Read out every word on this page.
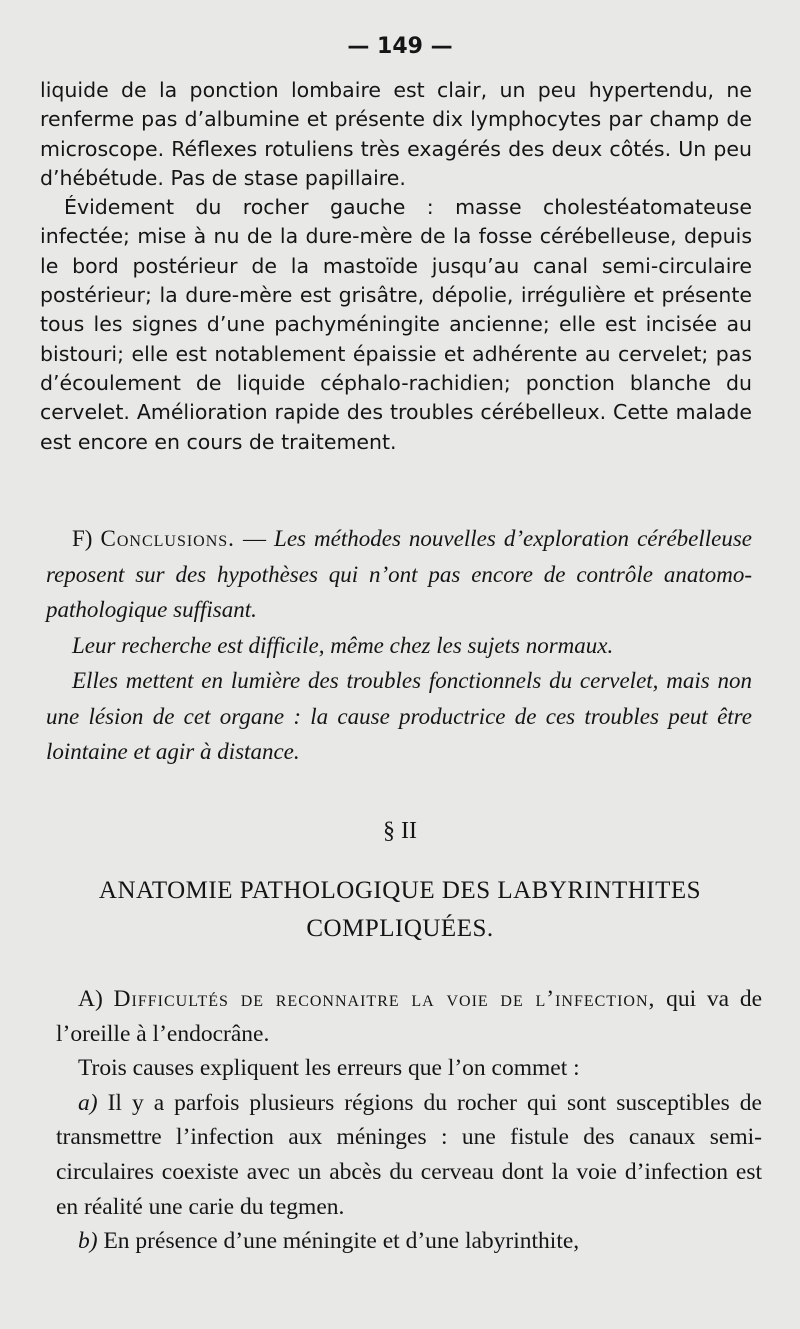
— 149 —

liquide de la ponction lombaire est clair, un peu hypertendu, ne renferme pas d’albumine et présente dix lymphocytes par champ de microscope. Réflexes rotuliens très exagérés des deux côtés. Un peu d’hébétude. Pas de stase papillaire.

Évidement du rocher gauche : masse cholestéatomateuse infectée; mise à nu de la dure-mère de la fosse cérébelleuse, depuis le bord postérieur de la mastoïde jusqu’au canal semi-circulaire postérieur; la dure-mère est grisâtre, dépolie, irrégulière et présente tous les signes d’une pachyméningite ancienne; elle est incisée au bistouri; elle est notablement épaissie et adhérente au cervelet; pas d’écoulement de liquide céphalo-rachidien; ponction blanche du cervelet. Amélioration rapide des troubles cérébelleux. Cette malade est encore en cours de traitement.

F) Conclusions. — Les méthodes nouvelles d’exploration cérébelleuse reposent sur des hypothèses qui n’ont pas encore de contrôle anatomo-pathologique suffisant.

Leur recherche est difficile, même chez les sujets normaux.

Elles mettent en lumière des troubles fonctionnels du cervelet, mais non une lésion de cet organe : la cause productrice de ces troubles peut être lointaine et agir à distance.

§ II
ANATOMIE PATHOLOGIQUE DES LABYRINTHITES
COMPLIQUÉES.

A) Difficultés de reconnaitre la voie de l’infection, qui va de l’oreille à l’endocrâne.

Trois causes expliquent les erreurs que l’on commet :

a) Il y a parfois plusieurs régions du rocher qui sont susceptibles de transmettre l’infection aux méninges : une fistule des canaux semi-circulaires coexiste avec un abcès du cerveau dont la voie d’infection est en réalité une carie du tegmen.

b) En présence d’une méningite et d’une labyrinthite,
